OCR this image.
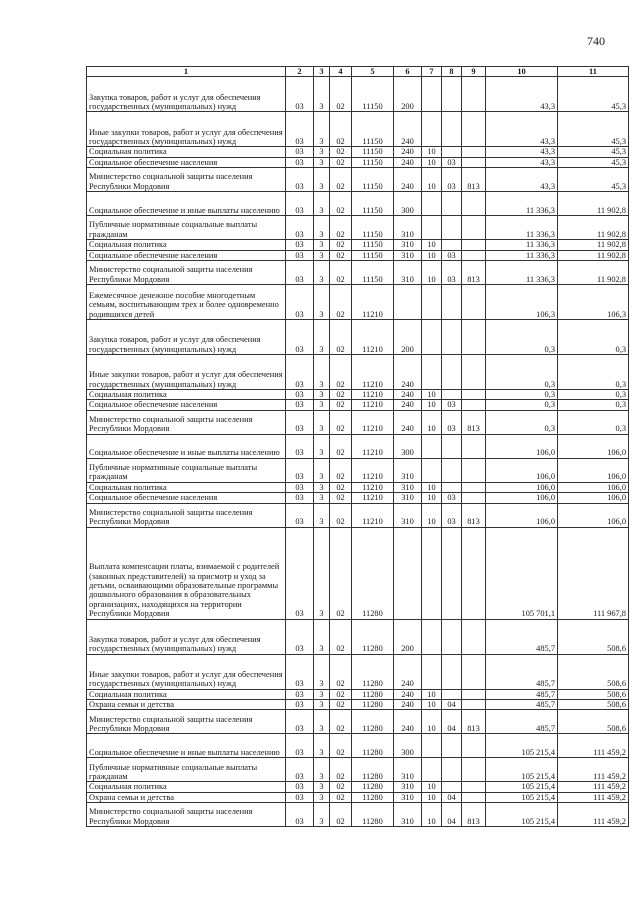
740
1	2	3	4	5	6	7	8	9	10	11
Закупка товаров, работ и услуг для обеспечения государственных (муниципальных) нужд	03	3	02	11150	200				43,3	45,3
Иные закупки товаров, работ и услуг для обеспечения государственных (муниципальных) нужд	03	3	02	11150	240				43,3	45,3
Социальная политика	03	3	02	11150	240	10			43,3	45,3
Социальное обеспечение населения	03	3	02	11150	240	10	03		43,3	45,3
Министерство социальной защиты населения Республики Мордовия	03	3	02	11150	240	10	03	813	43,3	45,3
Социальное обеспечение и иные выплаты населению	03	3	02	11150	300				11 336,3	11 902,8
Публичные нормативные социальные выплаты гражданам	03	3	02	11150	310				11 336,3	11 902,8
Социальная политика	03	3	02	11150	310	10			11 336,3	11 902,8
Социальное обеспечение населения	03	3	02	11150	310	10	03		11 336,3	11 902,8
Министерство социальной защиты населения Республики Мордовия	03	3	02	11150	310	10	03	813	11 336,3	11 902,8
Ежемесячное денежное пособие многодетным семьям, воспитывающим трех и более одновременно родившихся детей	03	3	02	11210					106,3	106,3
Закупка товаров, работ и услуг для обеспечения государственных (муниципальных) нужд	03	3	02	11210	200				0,3	0,3
Иные закупки товаров, работ и услуг для обеспечения государственных (муниципальных) нужд	03	3	02	11210	240				0,3	0,3
Социальная политика	03	3	02	11210	240	10			0,3	0,3
Социальное обеспечение населения	03	3	02	11210	240	10	03		0,3	0,3
Министерство социальной защиты населения Республики Мордовия	03	3	02	11210	240	10	03	813	0,3	0,3
Социальное обеспечение и иные выплаты населению	03	3	02	11210	300				106,0	106,0
Публичные нормативные социальные выплаты гражданам	03	3	02	11210	310				106,0	106,0
Социальная политика	03	3	02	11210	310	10			106,0	106,0
Социальное обеспечение населения	03	3	02	11210	310	10	03		106,0	106,0
Министерство социальной защиты населения Республики Мордовия	03	3	02	11210	310	10	03	813	106,0	106,0
Выплата компенсации платы, взимаемой с родителей (законных представителей) за присмотр и уход за детьми, осваивающими образовательные программы дошкольного образования в образовательных организациях, находящихся на территории Республики Мордовия	03	3	02	11280					105 701,1	111 967,8
Закупка товаров, работ и услуг для обеспечения государственных (муниципальных) нужд	03	3	02	11280	200				485,7	508,6
Иные закупки товаров, работ и услуг для обеспечения государственных (муниципальных) нужд	03	3	02	11280	240				485,7	508,6
Социальная политика	03	3	02	11280	240	10			485,7	508,6
Охрана семьи и детства	03	3	02	11280	240	10	04		485,7	508,6
Министерство социальной защиты населения Республики Мордовия	03	3	02	11280	240	10	04	813	485,7	508,6
Социальное обеспечение и иные выплаты населению	03	3	02	11280	300				105 215,4	111 459,2
Публичные нормативные социальные выплаты гражданам	03	3	02	11280	310				105 215,4	111 459,2
Социальная политика	03	3	02	11280	310	10			105 215,4	111 459,2
Охрана семьи и детства	03	3	02	11280	310	10	04		105 215,4	111 459,2
Министерство социальной защиты населения Республики Мордовия	03	3	02	11280	310	10	04	813	105 215,4	111 459,2
